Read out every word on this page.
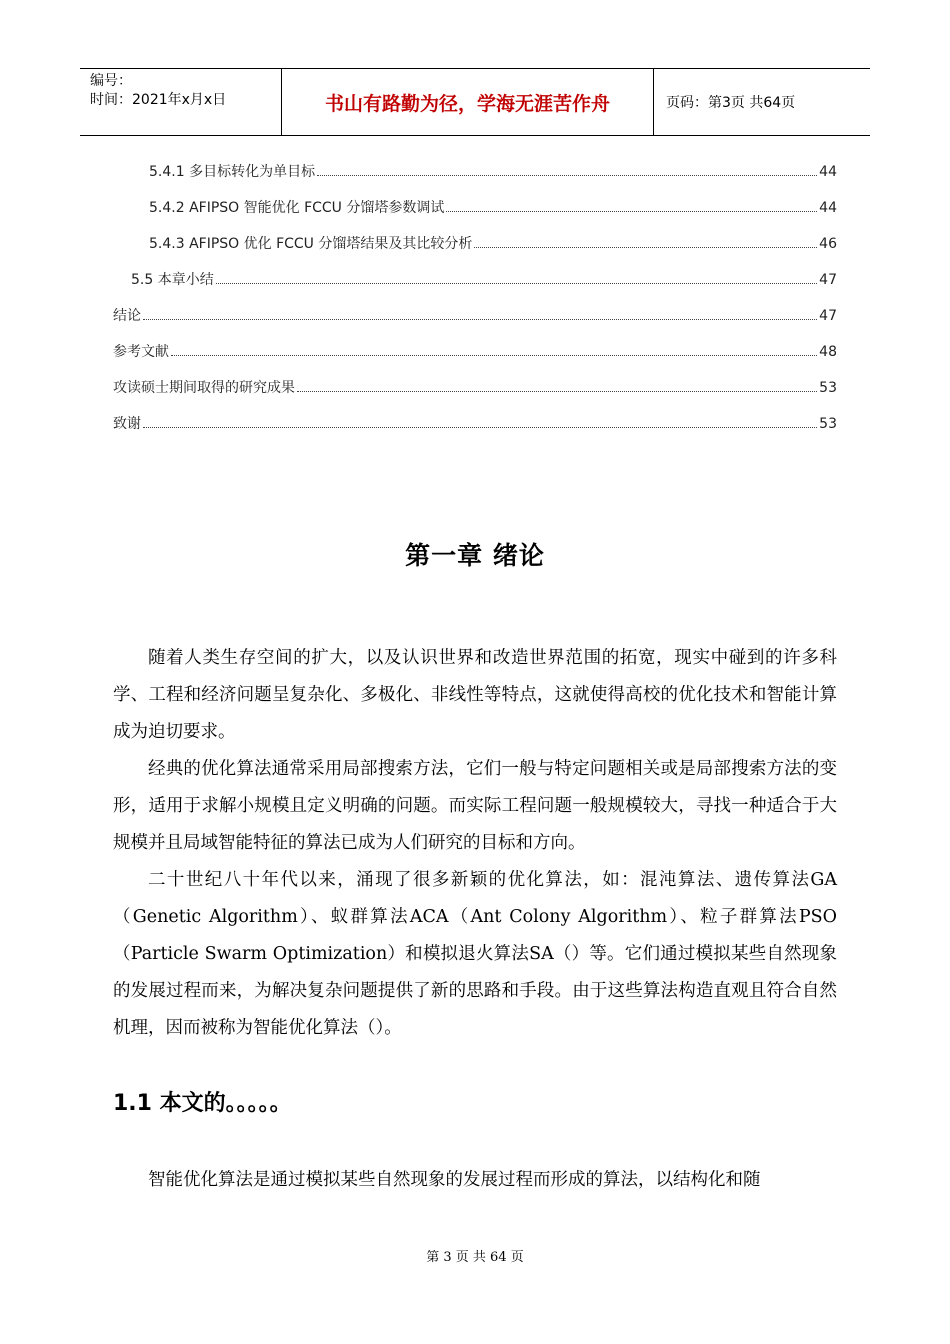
编号：
时间：2021年x月x日	书山有路勤为径，学海无涯苦作舟	页码：第3页 共64页
5.4.1 多目标转化为单目标	44
5.4.2 AFIPSO 智能优化 FCCU 分馏塔参数调试	44
5.4.3 AFIPSO 优化 FCCU 分馏塔结果及其比较分析	46
5.5 本章小结	47
结论	47
参考文献	48
攻读硕士期间取得的研究成果	53
致谢	53
第一章 绪论

随着人类生存空间的扩大，以及认识世界和改造世界范围的拓宽，现实中碰到的许多科学、工程和经济问题呈复杂化、多极化、非线性等特点，这就使得高校的优化技术和智能计算成为迫切要求。

经典的优化算法通常采用局部搜索方法，它们一般与特定问题相关或是局部搜索方法的变形，适用于求解小规模且定义明确的问题。而实际工程问题一般规模较大，寻找一种适合于大规模并且局域智能特征的算法已成为人们研究的目标和方向。

二十世纪八十年代以来，涌现了很多新颖的优化算法，如：混沌算法、遗传算法GA（Genetic Algorithm）、蚁群算法ACA（Ant Colony Algorithm）、粒子群算法PSO（Particle Swarm Optimization）和模拟退火算法SA（）等。它们通过模拟某些自然现象的发展过程而来，为解决复杂问题提供了新的思路和手段。由于这些算法构造直观且符合自然机理，因而被称为智能优化算法（）。

1.1 本文的。。。。。

智能优化算法是通过模拟某些自然现象的发展过程而形成的算法，以结构化和随

第 3 页 共 64 页
